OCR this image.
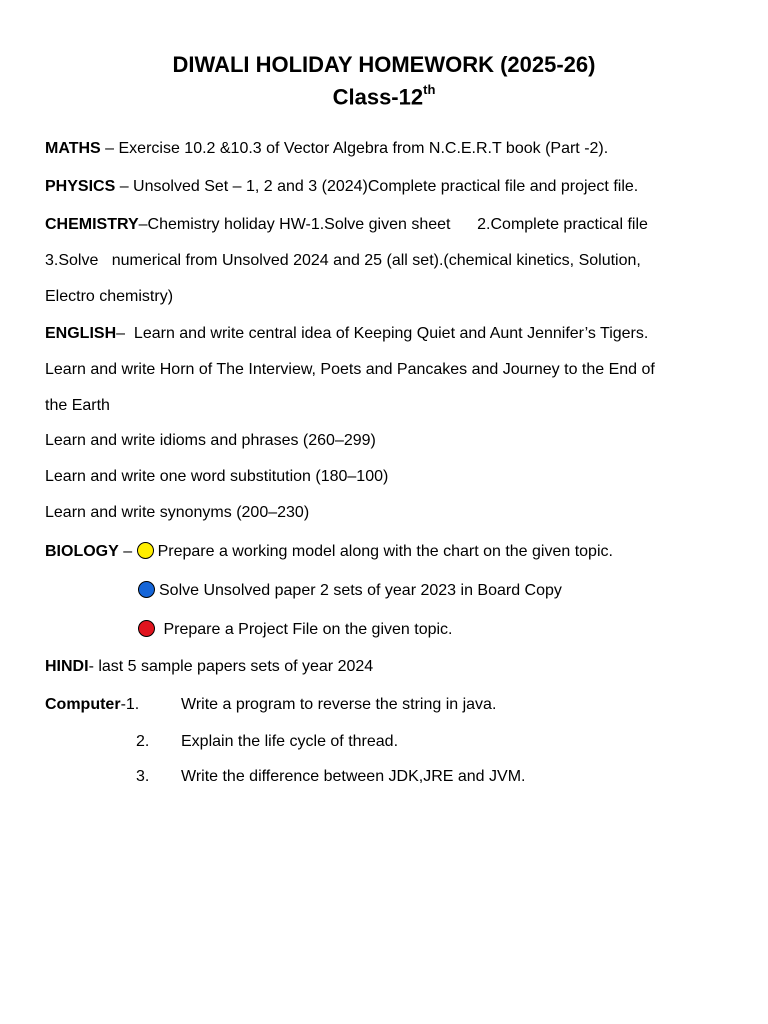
DIWALI HOLIDAY HOMEWORK (2025-26)
Class-12th
MATHS – Exercise 10.2 &10.3 of Vector Algebra from N.C.E.R.T book (Part -2).
PHYSICS – Unsolved Set – 1, 2 and 3 (2024)Complete practical file and project file.
CHEMISTRY–Chemistry holiday HW-1.Solve given sheet      2.Complete practical file
3.Solve   numerical from Unsolved 2024 and 25 (all set).(chemical kinetics, Solution,
Electro chemistry)
ENGLISH–  Learn and write central idea of Keeping Quiet and Aunt Jennifer’s Tigers.
Learn and write Horn of The Interview, Poets and Pancakes and Journey to the End of
the Earth
Learn and write idioms and phrases (260–299)
Learn and write one word substitution (180–100)
Learn and write synonyms (200–230)
BIOLOGY – Prepare a working model along with the chart on the given topic.
Solve Unsolved paper 2 sets of year 2023 in Board Copy
Prepare a Project File on the given topic.
HINDI- last 5 sample papers sets of year 2024
Computer-1.	Write a program to reverse the string in java.
2. Explain the life cycle of thread.
3. Write the difference between JDK,JRE and JVM.
